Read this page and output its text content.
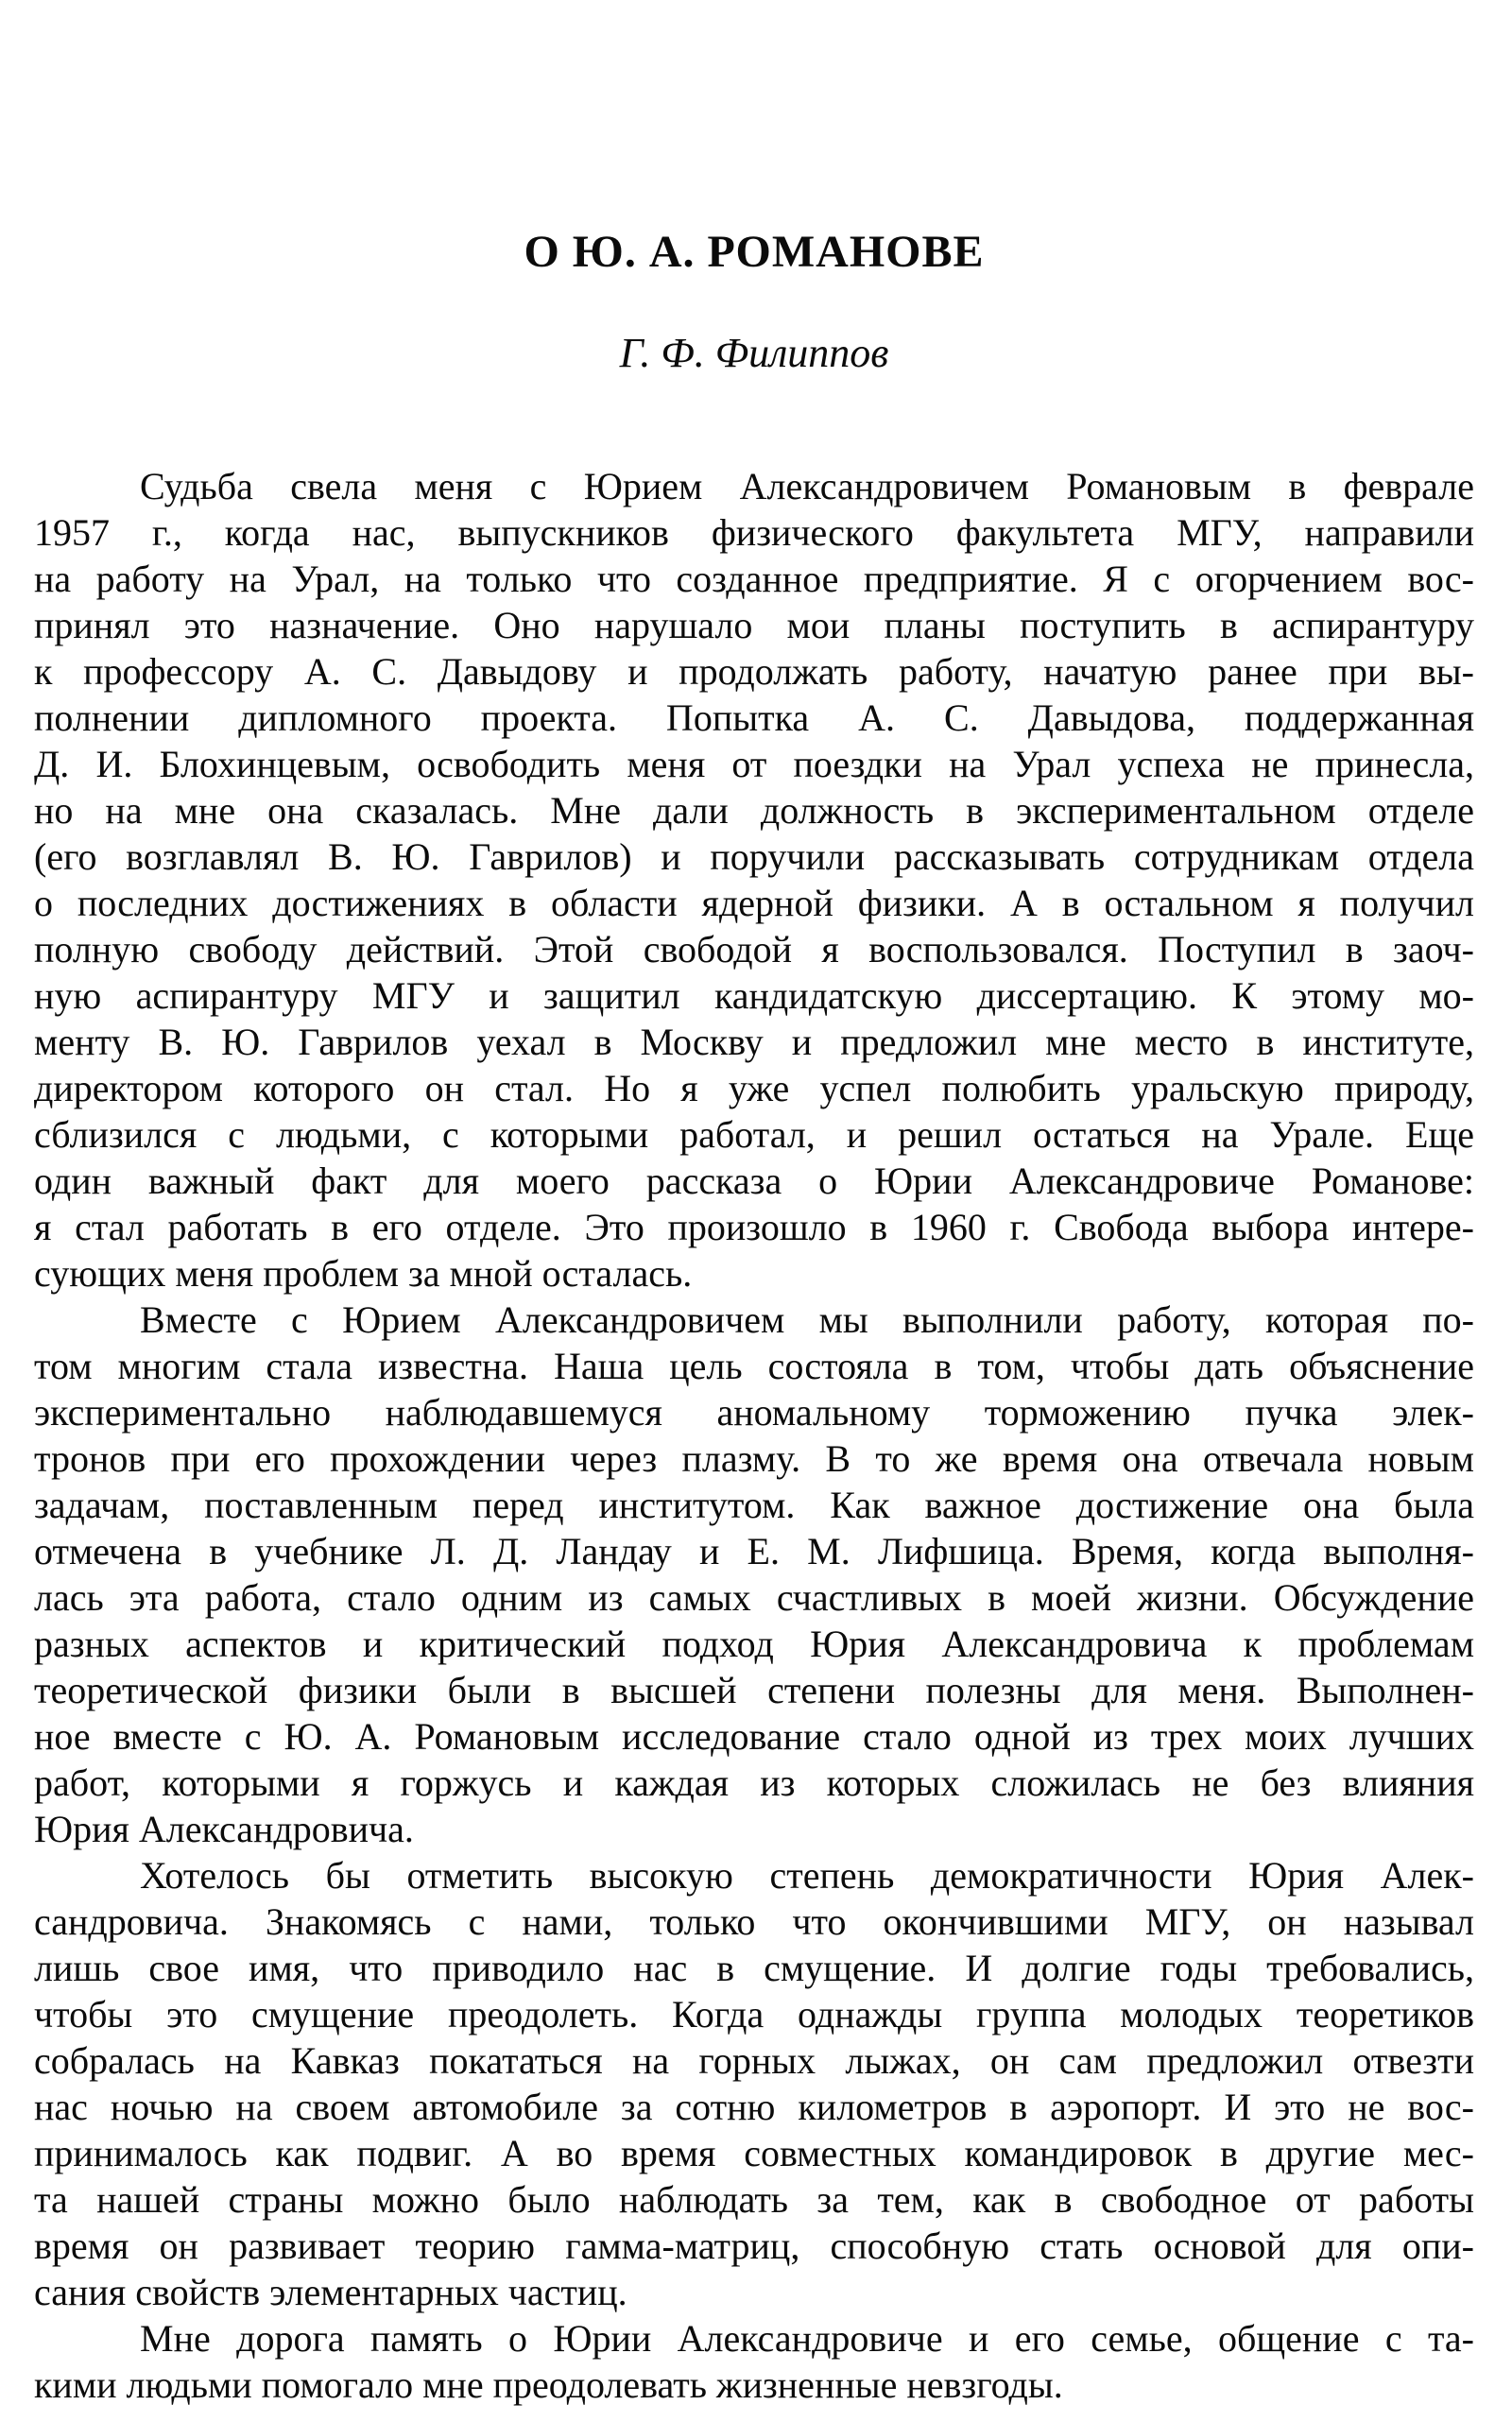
О Ю. А. РОМАНОВЕ
Г. Ф. Филиппов
Судьба свела меня с Юрием Александровичем Романовым в феврале
1957 г., когда нас, выпускников физического факультета МГУ, направили
на работу на Урал, на только что созданное предприятие. Я с огорчением вос-
принял это назначение. Оно нарушало мои планы поступить в аспирантуру
к профессору А. С. Давыдову и продолжать работу, начатую ранее при вы-
полнении дипломного проекта. Попытка А. С. Давыдова, поддержанная
Д. И. Блохинцевым, освободить меня от поездки на Урал успеха не принесла,
но на мне она сказалась. Мне дали должность в экспериментальном отделе
(его возглавлял В. Ю. Гаврилов) и поручили рассказывать сотрудникам отдела
о последних достижениях в области ядерной физики. А в остальном я получил
полную свободу действий. Этой свободой я воспользовался. Поступил в заоч-
ную аспирантуру МГУ и защитил кандидатскую диссертацию. К этому мо-
менту В. Ю. Гаврилов уехал в Москву и предложил мне место в институте,
директором которого он стал. Но я уже успел полюбить уральскую природу,
сблизился с людьми, с которыми работал, и решил остаться на Урале. Еще
один важный факт для моего рассказа о Юрии Александровиче Романове:
я стал работать в его отделе. Это произошло в 1960 г. Свобода выбора интере-
сующих меня проблем за мной осталась.
Вместе с Юрием Александровичем мы выполнили работу, которая по-
том многим стала известна. Наша цель состояла в том, чтобы дать объяснение
экспериментально наблюдавшемуся аномальному торможению пучка элек-
тронов при его прохождении через плазму. В то же время она отвечала новым
задачам, поставленным перед институтом. Как важное достижение она была
отмечена в учебнике Л. Д. Ландау и Е. М. Лифшица. Время, когда выполня-
лась эта работа, стало одним из самых счастливых в моей жизни. Обсуждение
разных аспектов и критический подход Юрия Александровича к проблемам
теоретической физики были в высшей степени полезны для меня. Выполнен-
ное вместе с Ю. А. Романовым исследование стало одной из трех моих лучших
работ, которыми я горжусь и каждая из которых сложилась не без влияния
Юрия Александровича.
Хотелось бы отметить высокую степень демократичности Юрия Алек-
сандровича. Знакомясь с нами, только что окончившими МГУ, он называл
лишь свое имя, что приводило нас в смущение. И долгие годы требовались,
чтобы это смущение преодолеть. Когда однажды группа молодых теоретиков
собралась на Кавказ покататься на горных лыжах, он сам предложил отвезти
нас ночью на своем автомобиле за сотню километров в аэропорт. И это не вос-
принималось как подвиг. А во время совместных командировок в другие мес-
та нашей страны можно было наблюдать за тем, как в свободное от работы
время он развивает теорию гамма-матриц, способную стать основой для опи-
сания свойств элементарных частиц.
Мне дорога память о Юрии Александровиче и его семье, общение с та-
кими людьми помогало мне преодолевать жизненные невзгоды.
